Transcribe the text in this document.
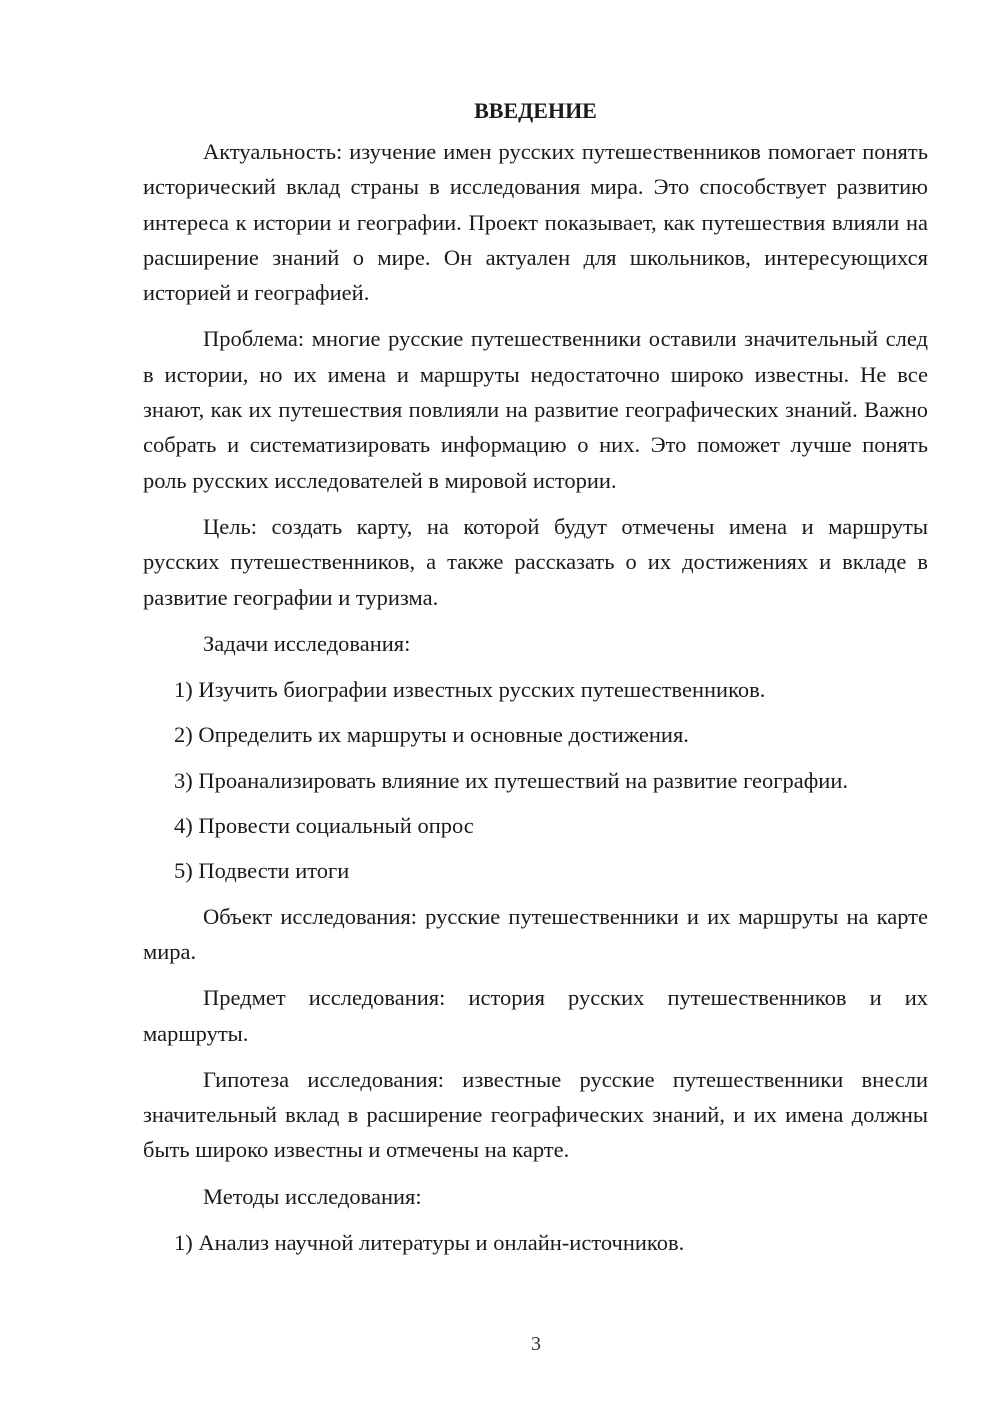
ВВЕДЕНИЕ
Актуальность: изучение имен русских путешественников помогает понять исторический вклад страны в исследования мира. Это способствует развитию интереса к истории и географии. Проект показывает, как путешествия влияли на расширение знаний о мире. Он актуален для школьников, интересующихся историей и географией.
Проблема: многие русские путешественники оставили значительный след в истории, но их имена и маршруты недостаточно широко известны. Не все знают, как их путешествия повлияли на развитие географических знаний. Важно собрать и систематизировать информацию о них. Это поможет лучше понять роль русских исследователей в мировой истории.
Цель: создать карту, на которой будут отмечены имена и маршруты русских путешественников, а также рассказать о их достижениях и вкладе в развитие географии и туризма.
Задачи исследования:
1) Изучить биографии известных русских путешественников.
2) Определить их маршруты и основные достижения.
3) Проанализировать влияние их путешествий на развитие географии.
4) Провести социальный опрос
5) Подвести итоги
Объект исследования: русские путешественники и их маршруты на карте мира.
Предмет исследования: история русских путешественников и их маршруты.
Гипотеза исследования: известные русские путешественники внесли значительный вклад в расширение географических знаний, и их имена должны быть широко известны и отмечены на карте.
Методы исследования:
1) Анализ научной литературы и онлайн-источников.
3
